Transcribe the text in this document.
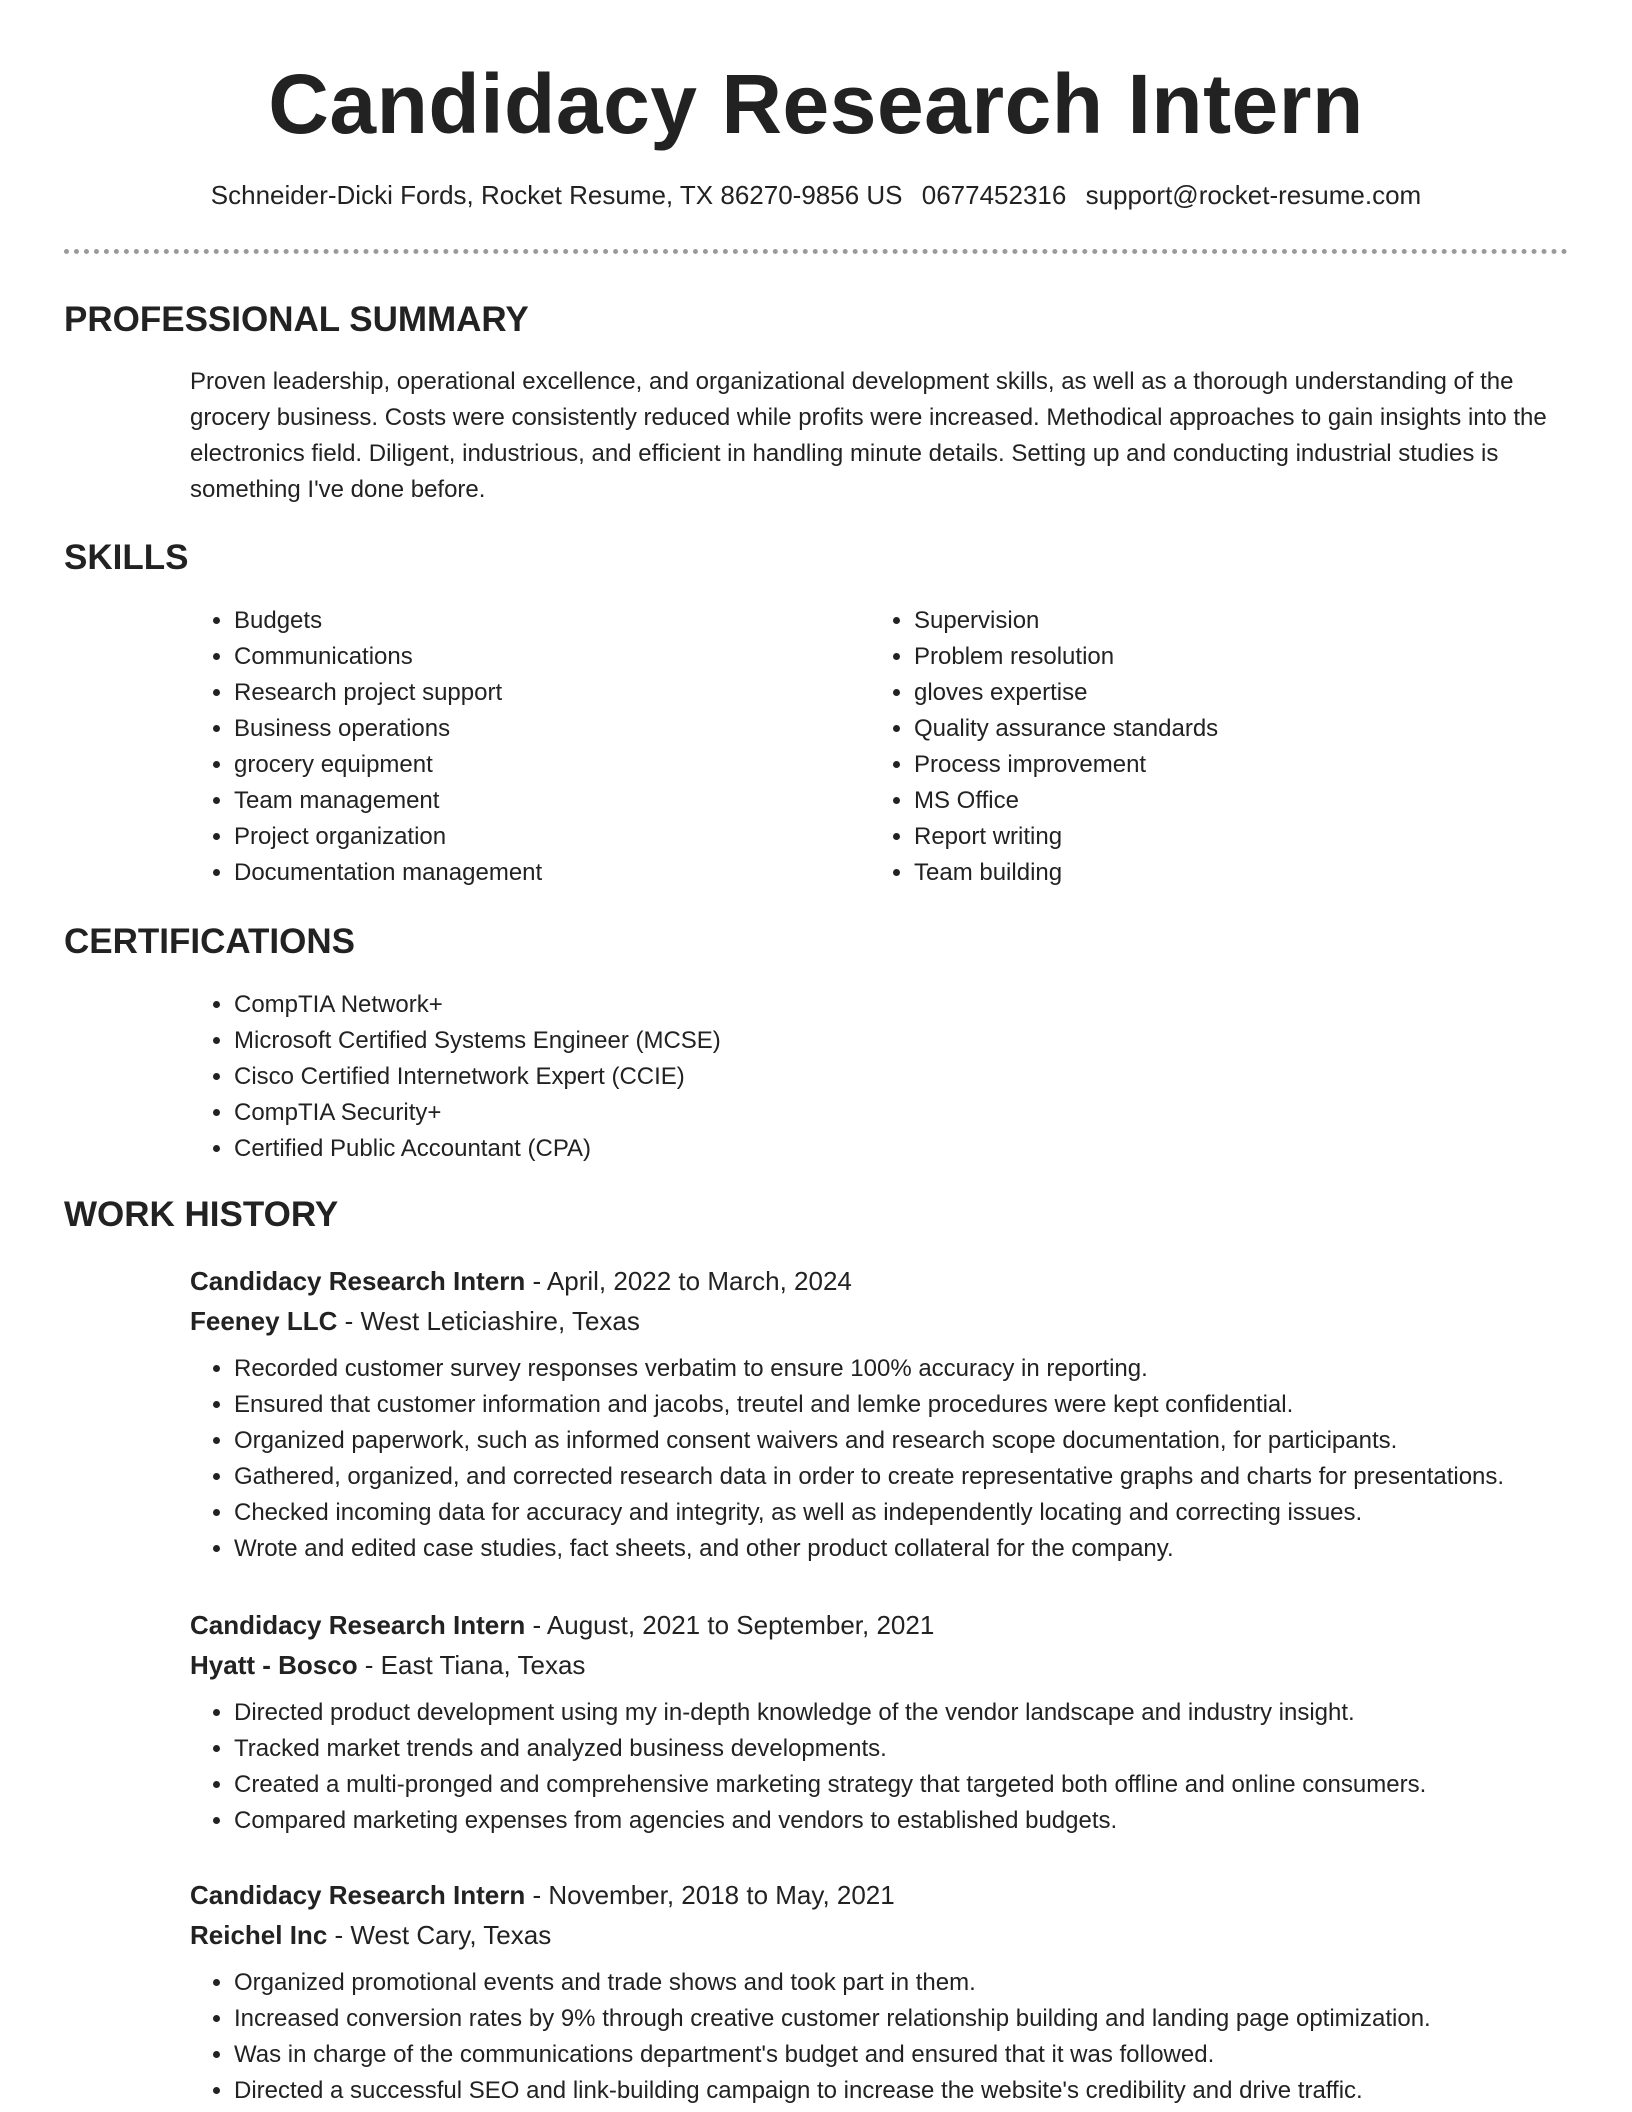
Candidacy Research Intern
Schneider-Dicki Fords, Rocket Resume, TX 86270-9856 US 0677452316 support@rocket-resume.com
PROFESSIONAL SUMMARY

Proven leadership, operational excellence, and organizational development skills, as well as a thorough understanding of the grocery business. Costs were consistently reduced while profits were increased. Methodical approaches to gain insights into the electronics field. Diligent, industrious, and efficient in handling minute details. Setting up and conducting industrial studies is something I've done before.

SKILLS
• Budgets
• Communications
• Research project support
• Business operations
• grocery equipment
• Team management
• Project organization
• Documentation management
• Supervision
• Problem resolution
• gloves expertise
• Quality assurance standards
• Process improvement
• MS Office
• Report writing
• Team building
CERTIFICATIONS
• CompTIA Network+
• Microsoft Certified Systems Engineer (MCSE)
• Cisco Certified Internetwork Expert (CCIE)
• CompTIA Security+
• Certified Public Accountant (CPA)
WORK HISTORY

Candidacy Research Intern - April, 2022 to March, 2024

Feeney LLC - West Leticiashire, Texas

• Recorded customer survey responses verbatim to ensure 100% accuracy in reporting.
• Ensured that customer information and jacobs, treutel and lemke procedures were kept confidential.
• Organized paperwork, such as informed consent waivers and research scope documentation, for participants.
• Gathered, organized, and corrected research data in order to create representative graphs and charts for presentations.
• Checked incoming data for accuracy and integrity, as well as independently locating and correcting issues.
• Wrote and edited case studies, fact sheets, and other product collateral for the company.

Candidacy Research Intern - August, 2021 to September, 2021

Hyatt - Bosco - East Tiana, Texas

• Directed product development using my in-depth knowledge of the vendor landscape and industry insight.
• Tracked market trends and analyzed business developments.
• Created a multi-pronged and comprehensive marketing strategy that targeted both offline and online consumers.
• Compared marketing expenses from agencies and vendors to established budgets.

Candidacy Research Intern - November, 2018 to May, 2021

Reichel Inc - West Cary, Texas

• Organized promotional events and trade shows and took part in them.
• Increased conversion rates by 9% through creative customer relationship building and landing page optimization.
• Was in charge of the communications department's budget and ensured that it was followed.
• Directed a successful SEO and link-building campaign to increase the website's credibility and drive traffic.
